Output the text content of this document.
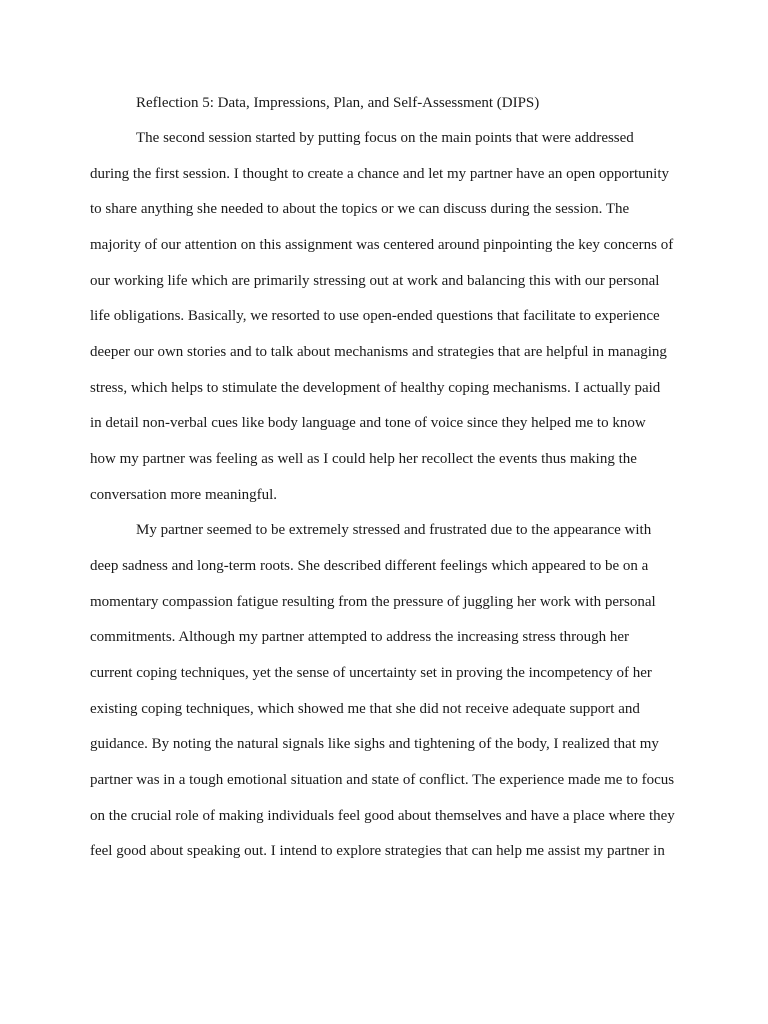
Reflection 5: Data, Impressions, Plan, and Self-Assessment (DIPS)
The second session started by putting focus on the main points that were addressed
during the first session. I thought to create a chance and let my partner have an open opportunity
to share anything she needed to about the topics or we can discuss during the session. The
majority of our attention on this assignment was centered around pinpointing the key concerns of
our working life which are primarily stressing out at work and balancing this with our personal
life obligations. Basically, we resorted to use open-ended questions that facilitate to experience
deeper our own stories and to talk about mechanisms and strategies that are helpful in managing
stress, which helps to stimulate the development of healthy coping mechanisms. I actually paid
in detail non-verbal cues like body language and tone of voice since they helped me to know
how my partner was feeling as well as I could help her recollect the events thus making the
conversation more meaningful.
My partner seemed to be extremely stressed and frustrated due to the appearance with
deep sadness and long-term roots. She described different feelings which appeared to be on a
momentary compassion fatigue resulting from the pressure of juggling her work with personal
commitments. Although my partner attempted to address the increasing stress through her
current coping techniques, yet the sense of uncertainty set in proving the incompetency of her
existing coping techniques, which showed me that she did not receive adequate support and
guidance. By noting the natural signals like sighs and tightening of the body, I realized that my
partner was in a tough emotional situation and state of conflict. The experience made me to focus
on the crucial role of making individuals feel good about themselves and have a place where they
feel good about speaking out. I intend to explore strategies that can help me assist my partner in
